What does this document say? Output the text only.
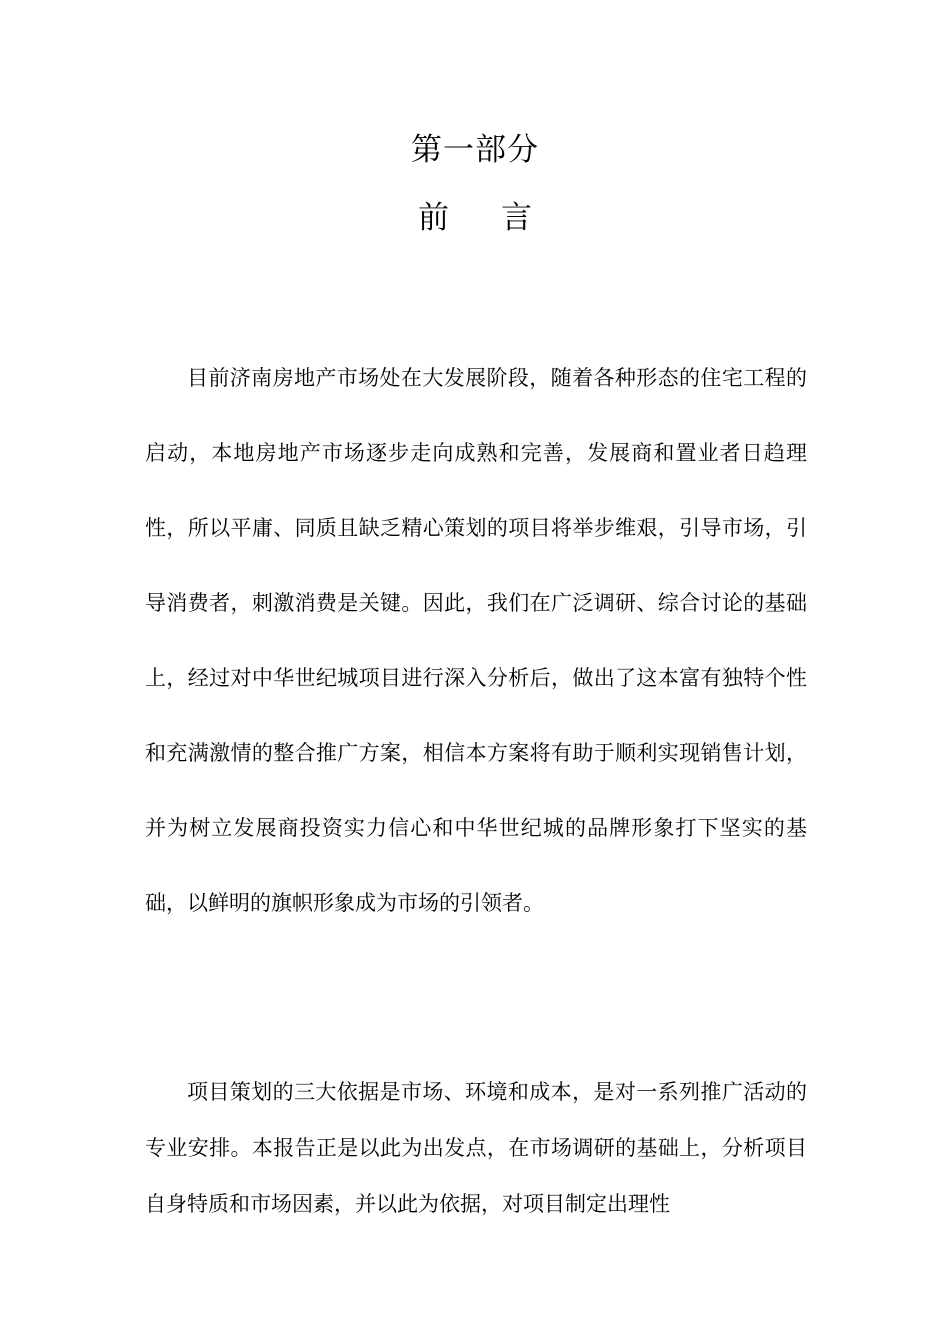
第一部分
前 言

目前济南房地产市场处在大发展阶段，随着各种形态的住宅工程的启动，本地房地产市场逐步走向成熟和完善，发展商和置业者日趋理性，所以平庸、同质且缺乏精心策划的项目将举步维艰，引导市场，引导消费者，刺激消费是关键。因此，我们在广泛调研、综合讨论的基础上，经过对中华世纪城项目进行深入分析后，做出了这本富有独特个性和充满激情的整合推广方案，相信本方案将有助于顺利实现销售计划，并为树立发展商投资实力信心和中华世纪城的品牌形象打下坚实的基础，以鲜明的旗帜形象成为市场的引领者。

项目策划的三大依据是市场、环境和成本，是对一系列推广活动的专业安排。本报告正是以此为出发点，在市场调研的基础上，分析项目自身特质和市场因素，并以此为依据，对项目制定出理性
